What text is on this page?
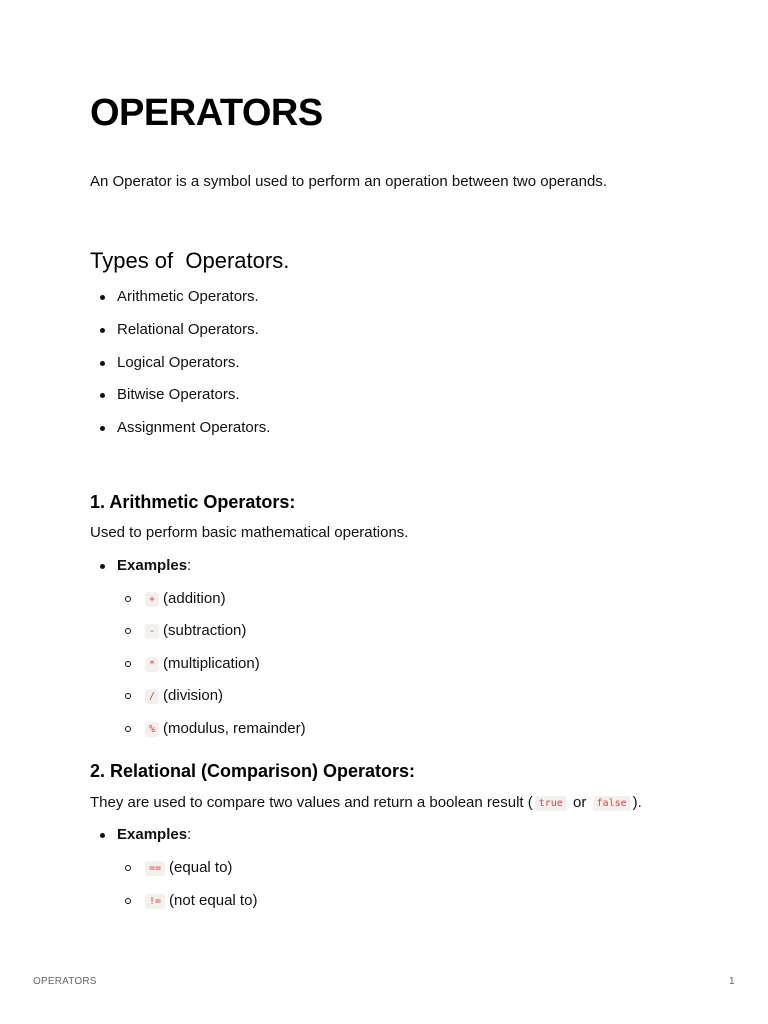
OPERATORS

An Operator is a symbol used to perform an operation between two operands.

Types of  Operators.

Arithmetic Operators.

Relational Operators.

Logical Operators.

Bitwise Operators.

Assignment Operators.

1. Arithmetic Operators:

Used to perform basic mathematical operations.

Examples:

+ (addition)

- (subtraction)

* (multiplication)

/ (division)

% (modulus, remainder)

2. Relational (Comparison) Operators:

They are used to compare two values and return a boolean result ( true or false ).

Examples:

== (equal to)

!= (not equal to)

OPERATORS	1
